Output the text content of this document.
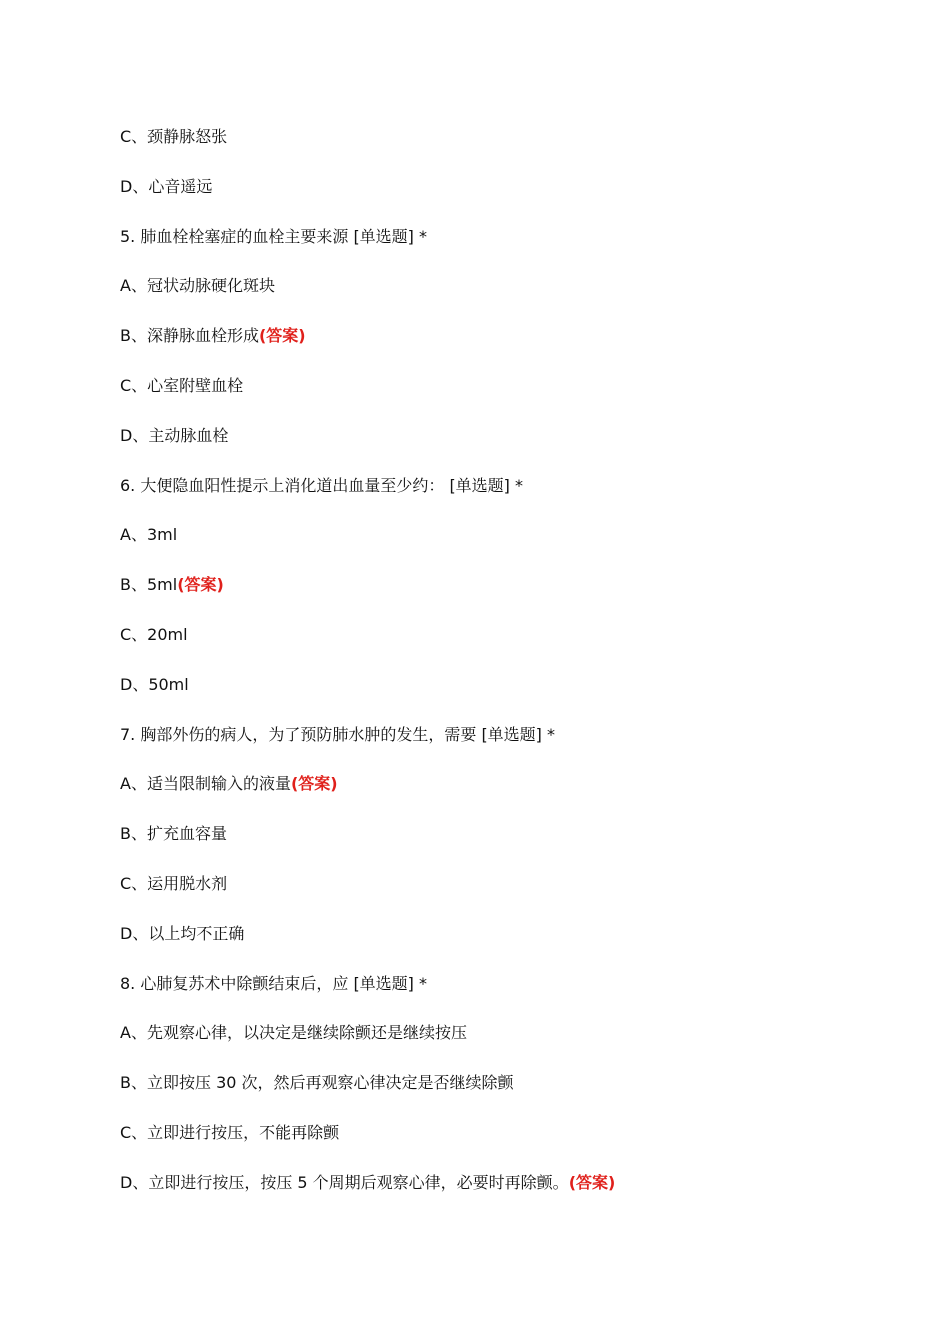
C、颈静脉怒张
D、心音遥远
5. 肺血栓栓塞症的血栓主要来源 [单选题] *
A、冠状动脉硬化斑块
B、深静脉血栓形成(答案)
C、心室附壁血栓
D、主动脉血栓
6. 大便隐血阳性提示上消化道出血量至少约： [单选题] *
A、3ml
B、5ml(答案)
C、20ml
D、50ml
7. 胸部外伤的病人，为了预防肺水肿的发生，需要 [单选题] *
A、适当限制输入的液量(答案)
B、扩充血容量
C、运用脱水剂
D、以上均不正确
8. 心肺复苏术中除颤结束后，应 [单选题] *
A、先观察心律，以决定是继续除颤还是继续按压
B、立即按压 30 次，然后再观察心律决定是否继续除颤
C、立即进行按压，不能再除颤
D、立即进行按压，按压 5 个周期后观察心律，必要时再除颤。(答案)
